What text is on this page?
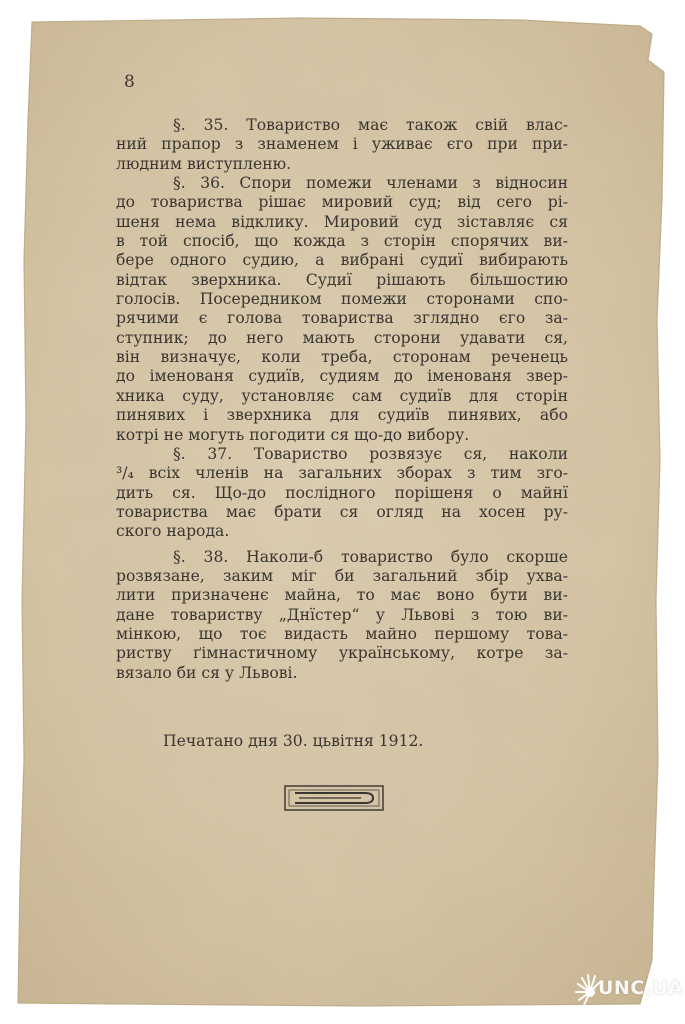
8
§. 35. Товариство має також свій влас-
ний прапор з знаменем і уживає єго при при-
людним виступленю.
§. 36. Спори помежи членами з відносин
до товариства рішає мировий суд; від сего рі-
шеня нема відклику. Мировий суд зіставляє ся
в той спосіб, що кожда з сторін спорячих ви-
бере одного судию, а вибрані судиї вибирають
відтак зверхника. Судиї рішають більшостию
голосів. Посередником помежи сторонами спо-
рячими є голова товариства зглядно єго за-
ступник; до него мають сторони удавати ся,
він визначує, коли треба, сторонам реченець
до іменованя судиїв, судиям до іменованя звер-
хника суду, установляє сам судиїв для сторін
пинявих і зверхника для судиїв пинявих, або
котрі не могуть погодити ся що-до вибору.
§. 37. Товариство розвязує ся, наколи
³/₄ всіх членів на загальних зборах з тим зго-
дить ся. Що-до послідного порішеня о майнї
товариства має брати ся огляд на хосен ру-
ского народа.
§. 38. Наколи-б товариство було скорше
розвязане, заким міг би загальний збір ухва-
лити призначенє майна, то має воно бути ви-
дане товариству „Днїстер“ у Львові з тою ви-
мінкою, що тоє видасть майно першому това-
риству ґімнастичному українському, котре за-
вязало би ся у Львові.
Печатано дня 30. цьвітня 1912.
UNC.UA
